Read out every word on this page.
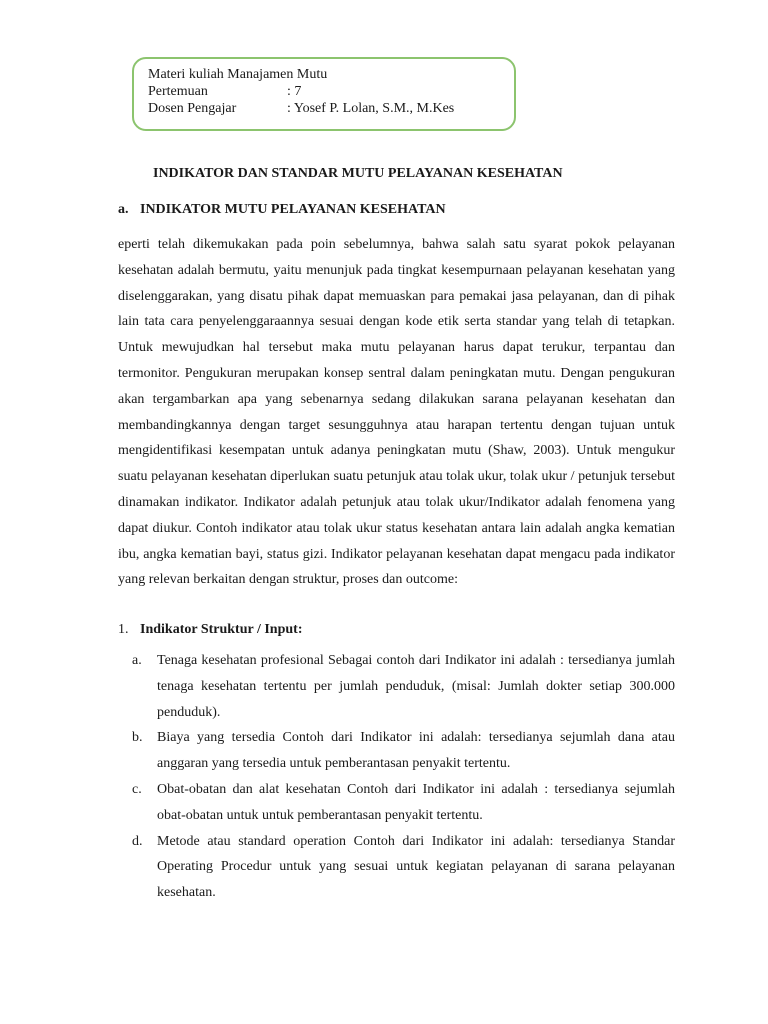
Materi kuliah Manajamen Mutu
Pertemuan	: 7
Dosen Pengajar	: Yosef P. Lolan, S.M., M.Kes
INDIKATOR DAN STANDAR MUTU PELAYANAN KESEHATAN
a. INDIKATOR MUTU PELAYANAN KESEHATAN

eperti telah dikemukakan pada poin sebelumnya, bahwa salah satu syarat pokok pelayanan kesehatan adalah bermutu, yaitu menunjuk pada tingkat kesempurnaan pelayanan kesehatan yang diselenggarakan, yang disatu pihak dapat memuaskan para pemakai jasa pelayanan, dan di pihak lain tata cara penyelenggaraannya sesuai dengan kode etik serta standar yang telah di tetapkan. Untuk mewujudkan hal tersebut maka mutu pelayanan harus dapat terukur, terpantau dan termonitor. Pengukuran merupakan konsep sentral dalam peningkatan mutu. Dengan pengukuran akan tergambarkan apa yang sebenarnya sedang dilakukan sarana pelayanan kesehatan dan membandingkannya dengan target sesungguhnya atau harapan tertentu dengan tujuan untuk mengidentifikasi kesempatan untuk adanya peningkatan mutu (Shaw, 2003). Untuk mengukur suatu pelayanan kesehatan diperlukan suatu petunjuk atau tolak ukur, tolak ukur / petunjuk tersebut dinamakan indikator. Indikator adalah petunjuk atau tolak ukur/Indikator adalah fenomena yang dapat diukur. Contoh indikator atau tolak ukur status kesehatan antara lain adalah angka kematian ibu, angka kematian bayi, status gizi. Indikator pelayanan kesehatan dapat mengacu pada indikator yang relevan berkaitan dengan struktur, proses dan outcome:

1. Indikator Struktur / Input:
a.	Tenaga kesehatan profesional Sebagai contoh dari Indikator ini adalah : tersedianya jumlah tenaga kesehatan tertentu per jumlah penduduk, (misal: Jumlah dokter setiap 300.000 penduduk).
b.	Biaya yang tersedia Contoh dari Indikator ini adalah: tersedianya sejumlah dana atau anggaran yang tersedia untuk pemberantasan penyakit tertentu.
c.	Obat-obatan dan alat kesehatan Contoh dari Indikator ini adalah : tersedianya sejumlah obat-obatan untuk untuk pemberantasan penyakit tertentu.
d.	Metode atau standard operation Contoh dari Indikator ini adalah: tersedianya Standar Operating Procedur untuk yang sesuai untuk kegiatan pelayanan di sarana pelayanan kesehatan.
